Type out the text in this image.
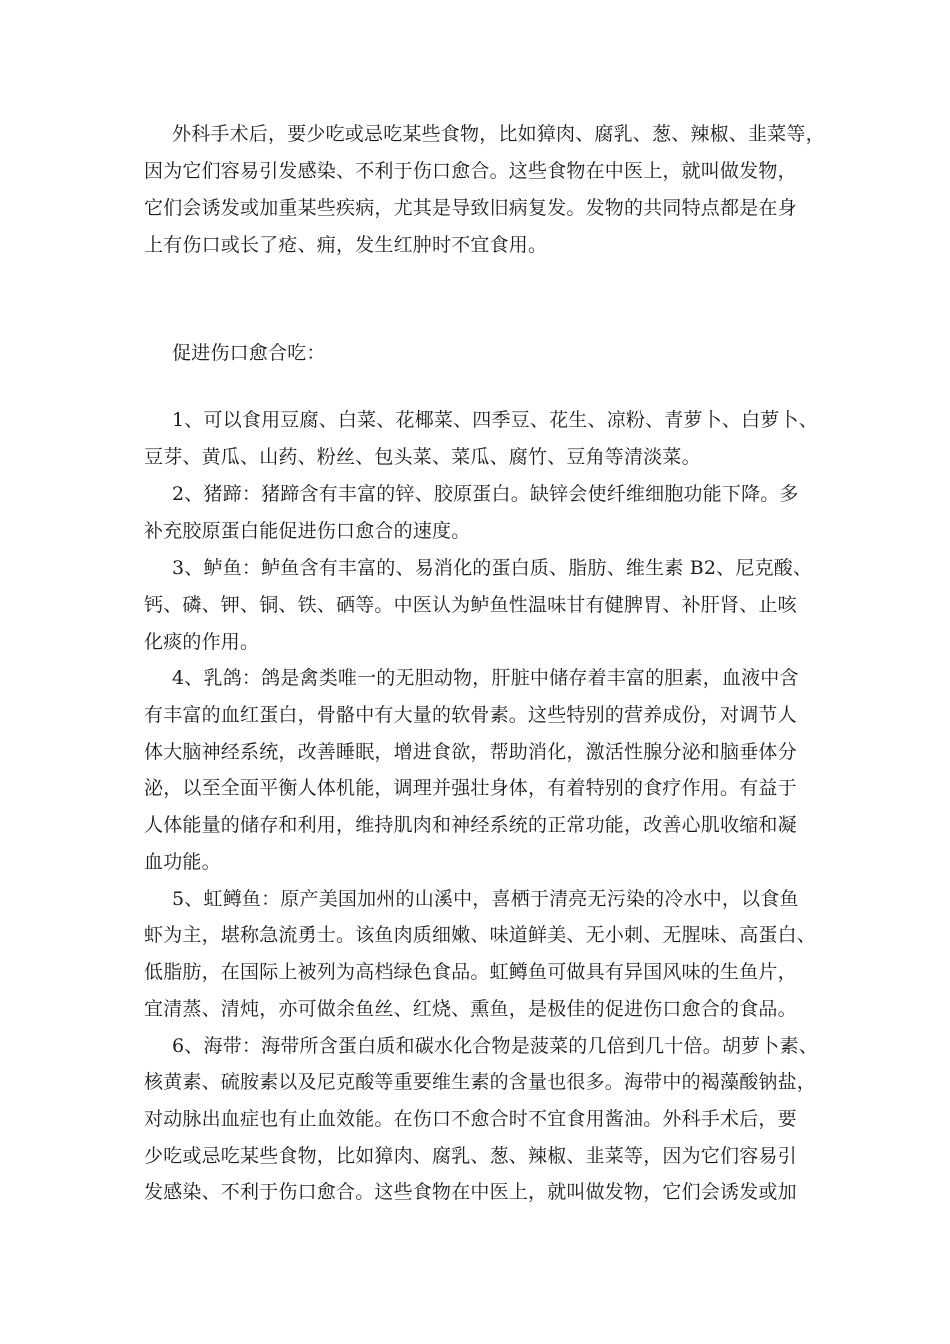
外科手术后，要少吃或忌吃某些食物，比如獐肉、腐乳、葱、辣椒、韭菜等，
因为它们容易引发感染、不利于伤口愈合。这些食物在中医上，就叫做发物，
它们会诱发或加重某些疾病，尤其是导致旧病复发。发物的共同特点都是在身
上有伤口或长了疮、痈，发生红肿时不宜食用。
促进伤口愈合吃：
1、可以食用豆腐、白菜、花椰菜、四季豆、花生、凉粉、青萝卜、白萝卜、
豆芽、黄瓜、山药、粉丝、包头菜、菜瓜、腐竹、豆角等清淡菜。
2、猪蹄：猪蹄含有丰富的锌、胶原蛋白。缺锌会使纤维细胞功能下降。多
补充胶原蛋白能促进伤口愈合的速度。
3、鲈鱼：鲈鱼含有丰富的、易消化的蛋白质、脂肪、维生素 B2、尼克酸、
钙、磷、钾、铜、铁、硒等。中医认为鲈鱼性温味甘有健脾胃、补肝肾、止咳
化痰的作用。
4、乳鸽：鸽是禽类唯一的无胆动物，肝脏中储存着丰富的胆素，血液中含
有丰富的血红蛋白，骨骼中有大量的软骨素。这些特别的营养成份，对调节人
体大脑神经系统，改善睡眠，增进食欲，帮助消化，激活性腺分泌和脑垂体分
泌，以至全面平衡人体机能，调理并强壮身体，有着特别的食疗作用。有益于
人体能量的储存和利用，维持肌肉和神经系统的正常功能，改善心肌收缩和凝
血功能。
5、虹鳟鱼：原产美国加州的山溪中，喜栖于清亮无污染的冷水中，以食鱼
虾为主，堪称急流勇士。该鱼肉质细嫩、味道鲜美、无小刺、无腥味、高蛋白、
低脂肪，在国际上被列为高档绿色食品。虹鳟鱼可做具有异国风味的生鱼片，
宜清蒸、清炖，亦可做余鱼丝、红烧、熏鱼，是极佳的促进伤口愈合的食品。
6、海带：海带所含蛋白质和碳水化合物是菠菜的几倍到几十倍。胡萝卜素、
核黄素、硫胺素以及尼克酸等重要维生素的含量也很多。海带中的褐藻酸钠盐，
对动脉出血症也有止血效能。在伤口不愈合时不宜食用酱油。外科手术后，要
少吃或忌吃某些食物，比如獐肉、腐乳、葱、辣椒、韭菜等，因为它们容易引
发感染、不利于伤口愈合。这些食物在中医上，就叫做发物，它们会诱发或加
